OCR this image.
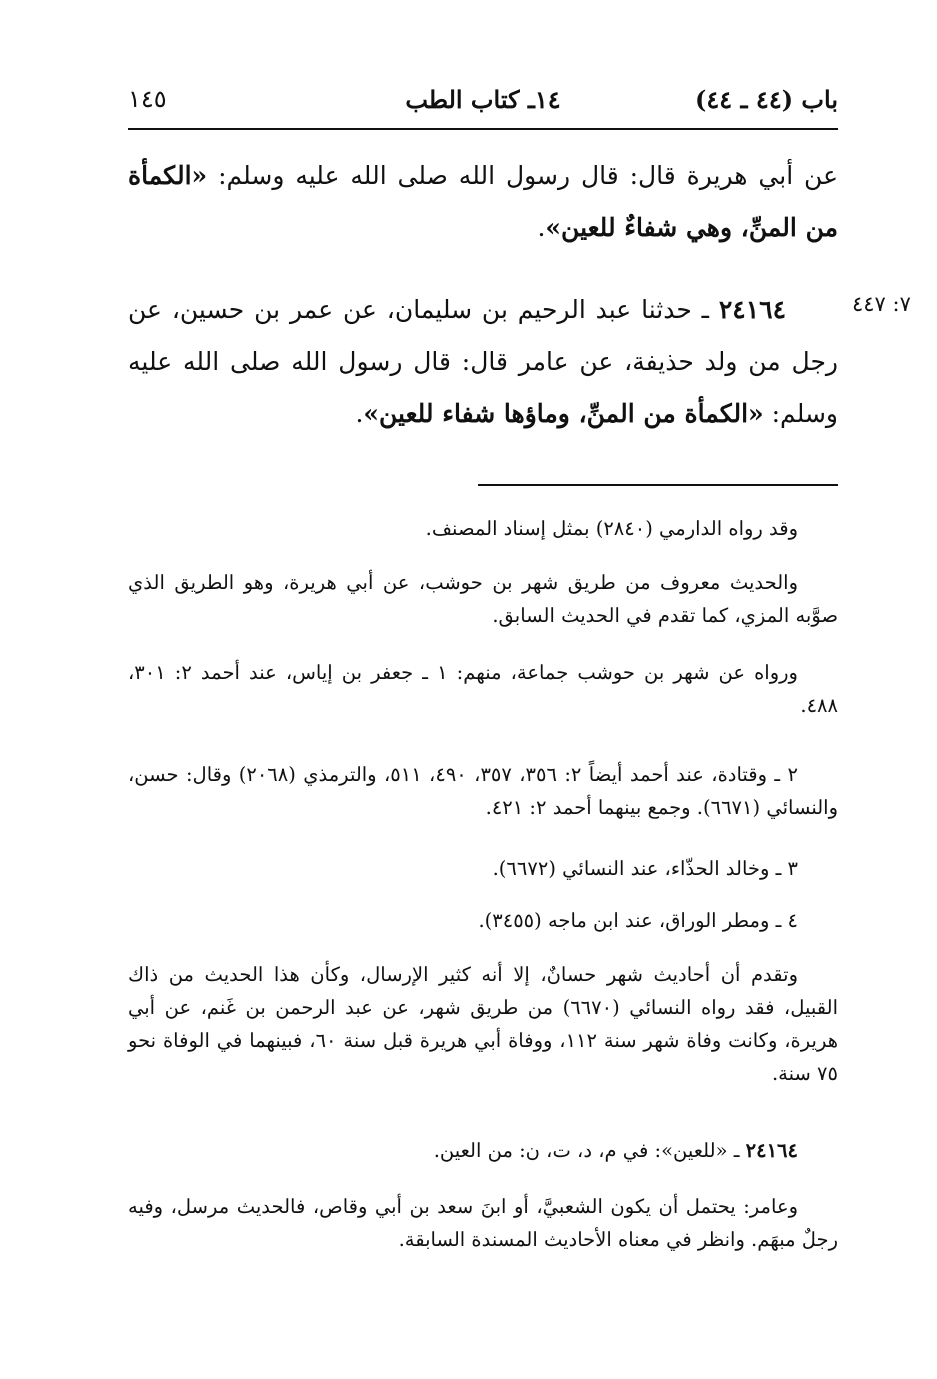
١٤٥	١٤ـ كتاب الطب	باب (٤٤ ـ ٤٤)
عن أبي هريرة قال: قال رسول الله صلى الله عليه وسلم: «الكمأة من المنِّ، وهي شفاءٌ للعين».
٧: ٤٤٧
٢٤١٦٤ ـ حدثنا عبد الرحيم بن سليمان، عن عمر بن حسين، عن رجل من ولد حذيفة، عن عامر قال: قال رسول الله صلى الله عليه وسلم: «الكمأة من المنِّ، وماؤها شفاء للعين».
وقد رواه الدارمي (٢٨٤٠) بمثل إسناد المصنف.
والحديث معروف من طريق شهر بن حوشب، عن أبي هريرة، وهو الطريق الذي صوَّبه المزي، كما تقدم في الحديث السابق.
ورواه عن شهر بن حوشب جماعة، منهم: ١ ـ جعفر بن إياس، عند أحمد ٢: ٣٠١، ٤٨٨.
٢ ـ وقتادة، عند أحمد أيضاً ٢: ٣٥٦، ٣٥٧، ٤٩٠، ٥١١، والترمذي (٢٠٦٨) وقال: حسن، والنسائي (٦٦٧١). وجمع بينهما أحمد ٢: ٤٢١.
٣ ـ وخالد الحذّاء، عند النسائي (٦٦٧٢).
٤ ـ ومطر الوراق، عند ابن ماجه (٣٤٥٥).
وتقدم أن أحاديث شهر حسانٌ، إلا أنه كثير الإرسال، وكأن هذا الحديث من ذاك القبيل، فقد رواه النسائي (٦٦٧٠) من طريق شهر، عن عبد الرحمن بن غَنم، عن أبي هريرة، وكانت وفاة شهر سنة ١١٢، ووفاة أبي هريرة قبل سنة ٦٠، فبينهما في الوفاة نحو ٧٥ سنة.
٢٤١٦٤ ـ «للعين»: في م، د، ت، ن: من العين.
وعامر: يحتمل أن يكون الشعبيَّ، أو ابنَ سعد بن أبي وقاص، فالحديث مرسل، وفيه رجلٌ مبهَم. وانظر في معناه الأحاديث المسندة السابقة.
